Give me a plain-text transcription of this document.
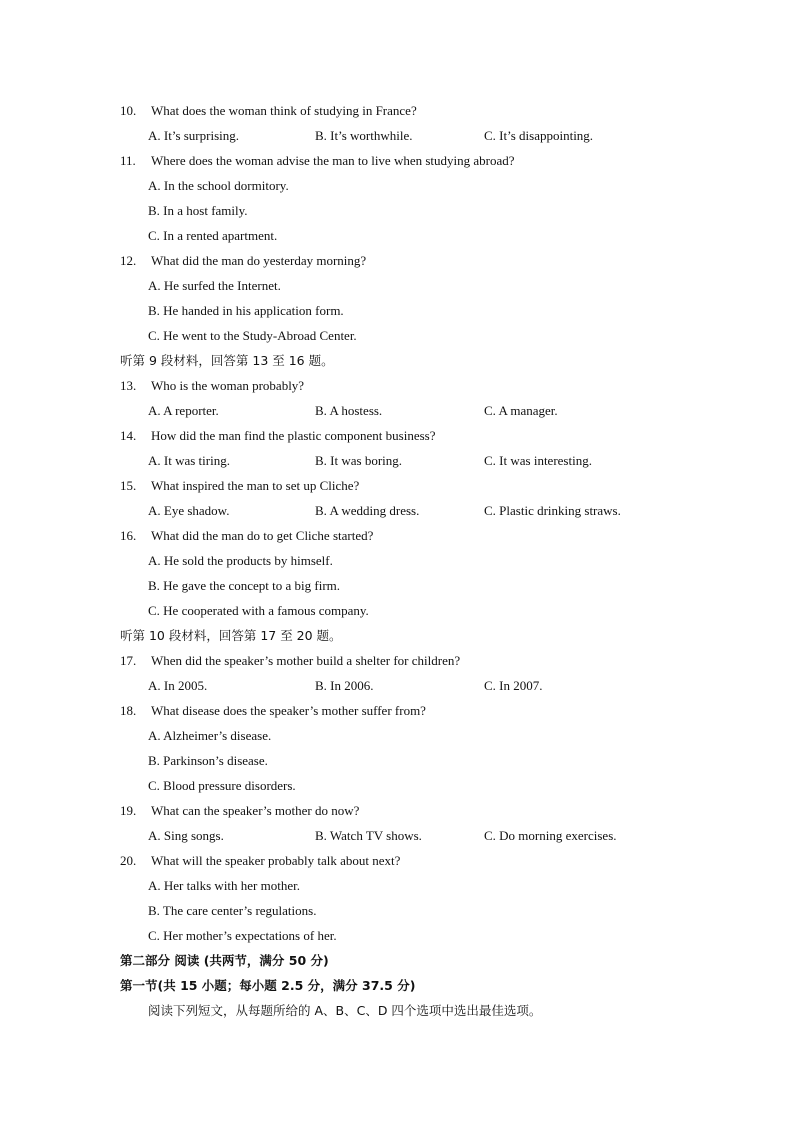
10. What does the woman think of studying in France?
A. It’s surprising.	B. It’s worthwhile.	C. It’s disappointing.
11. Where does the woman advise the man to live when studying abroad?
A. In the school dormitory.
B. In a host family.
C. In a rented apartment.
12. What did the man do yesterday morning?
A. He surfed the Internet.
B. He handed in his application form.
C. He went to the Study-Abroad Center.
听第 9 段材料，回答第 13 至 16 题。
13. Who is the woman probably?
A. A reporter.	B. A hostess.	C. A manager.
14. How did the man find the plastic component business?
A. It was tiring.	B. It was boring.	C. It was interesting.
15. What inspired the man to set up Cliche?
A. Eye shadow.	B. A wedding dress.	C. Plastic drinking straws.
16. What did the man do to get Cliche started?
A. He sold the products by himself.
B. He gave the concept to a big firm.
C. He cooperated with a famous company.
听第 10 段材料，回答第 17 至 20 题。
17. When did the speaker’s mother build a shelter for children?
A. In 2005.	B. In 2006.	C. In 2007.
18. What disease does the speaker’s mother suffer from?
A. Alzheimer’s disease.
B. Parkinson’s disease.
C. Blood pressure disorders.
19. What can the speaker’s mother do now?
A. Sing songs.	B. Watch TV shows.	C. Do morning exercises.
20. What will the speaker probably talk about next?
A. Her talks with her mother.
B. The care center’s regulations.
C. Her mother’s expectations of her.
第二部分 阅读 (共两节，满分 50 分)
第一节(共 15 小题；每小题 2.5 分，满分 37.5 分)
阅读下列短文，从每题所给的 A、B、C、D 四个选项中选出最佳选项。
